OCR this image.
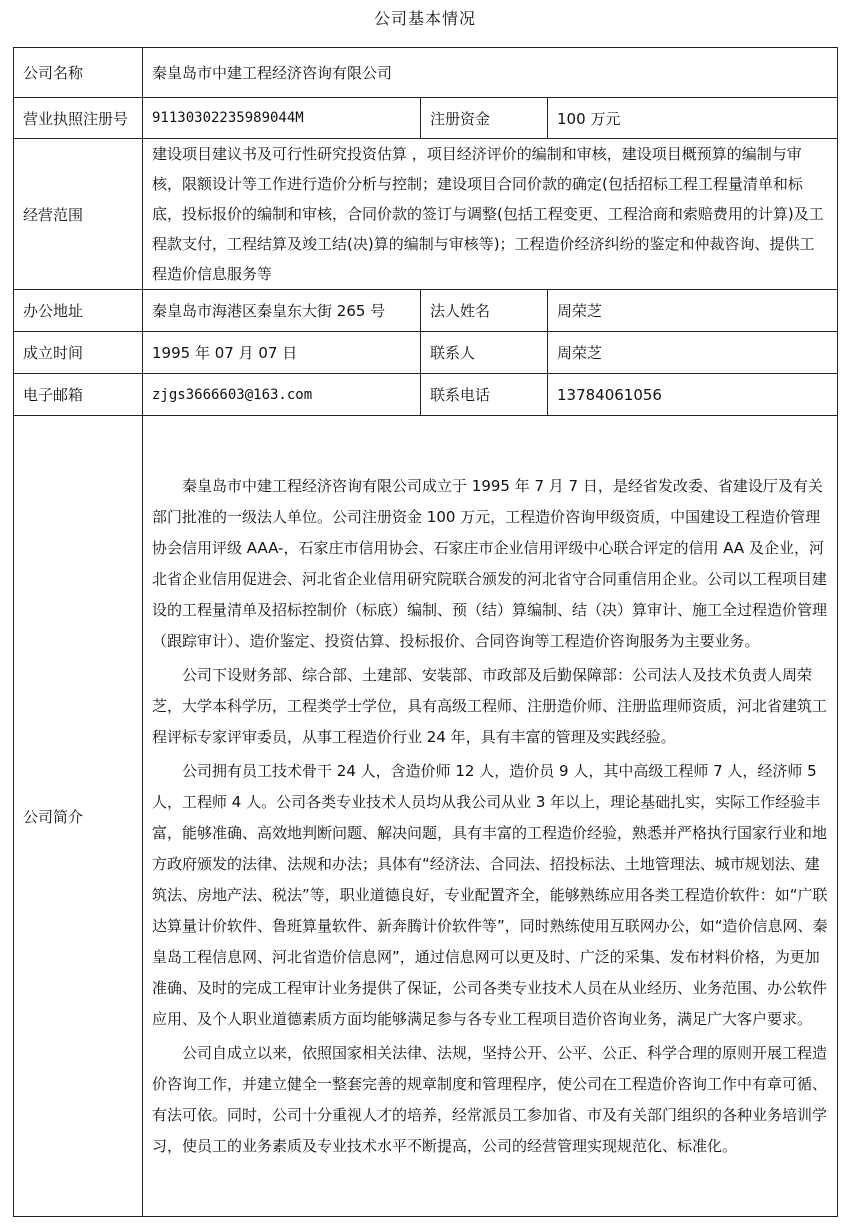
公司基本情况
公司名称	秦皇岛市中建工程经济咨询有限公司		
营业执照注册号	91130302235989044M	注册资金	100 万元
经营范围	建设项目建议书及可行性研究投资估算 ，项目经济评价的编制和审核，建设项目概预算的编制与审核，限额设计等工作进行造价分析与控制；建设项目合同价款的确定(包括招标工程工程量清单和标底，投标报价的编制和审核，合同价款的签订与调整(包括工程变更、工程洽商和索赔费用的计算)及工程款支付，工程结算及竣工结(决)算的编制与审核等)；工程造价经济纠纷的鉴定和仲裁咨询、提供工程造价信息服务等		
办公地址	秦皇岛市海港区秦皇东大街 265 号	法人姓名	周荣芝
成立时间	1995 年 07 月 07 日	联系人	周荣芝
电子邮箱	zjgs3666603@163.com	联系电话	13784061056
公司简介	秦皇岛市中建工程经济咨询有限公司成立于 1995 年 7 月 7 日，是经省发改委、省建设厅及有关部门批准的一级法人单位。公司注册资金 100 万元，工程造价咨询甲级资质，中国建设工程造价管理协会信用评级 AAA-，石家庄市信用协会、石家庄市企业信用评级中心联合评定的信用 AA 及企业，河北省企业信用促进会、河北省企业信用研究院联合颁发的河北省守合同重信用企业。公司以工程项目建设的工程量清单及招标控制价（标底）编制、预（结）算编制、结（决）算审计、施工全过程造价管理（跟踪审计）、造价鉴定、投资估算、投标报价、合同咨询等工程造价咨询服务为主要业务。

公司下设财务部、综合部、土建部、安装部、市政部及后勤保障部：公司法人及技术负责人周荣芝，大学本科学历，工程类学士学位，具有高级工程师、注册造价师、注册监理师资质，河北省建筑工程评标专家评审委员，从事工程造价行业 24 年，具有丰富的管理及实践经验。

公司拥有员工技术骨干 24 人，含造价师 12 人，造价员 9 人，其中高级工程师 7 人，经济师 5 人，工程师 4 人。公司各类专业技术人员均从我公司从业 3 年以上，理论基础扎实，实际工作经验丰富，能够准确、高效地判断问题、解决问题，具有丰富的工程造价经验，熟悉并严格执行国家行业和地方政府颁发的法律、法规和办法；具体有“经济法、合同法、招投标法、土地管理法、城市规划法、建筑法、房地产法、税法”等，职业道德良好，专业配置齐全，能够熟练应用各类工程造价软件：如“广联达算量计价软件、鲁班算量软件、新奔腾计价软件等”，同时熟练使用互联网办公，如“造价信息网、秦皇岛工程信息网、河北省造价信息网”，通过信息网可以更及时、广泛的采集、发布材料价格，为更加准确、及时的完成工程审计业务提供了保证，公司各类专业技术人员在从业经历、业务范围、办公软件应用、及个人职业道德素质方面均能够满足参与各专业工程项目造价咨询业务，满足广大客户要求。

公司自成立以来，依照国家相关法律、法规，坚持公开、公平、公正、科学合理的原则开展工程造价咨询工作，并建立健全一整套完善的规章制度和管理程序，使公司在工程造价咨询工作中有章可循、有法可依。同时，公司十分重视人才的培养，经常派员工参加省、市及有关部门组织的各种业务培训学习，使员工的业务素质及专业技术水平不断提高，公司的经营管理实现规范化、标准化。		
